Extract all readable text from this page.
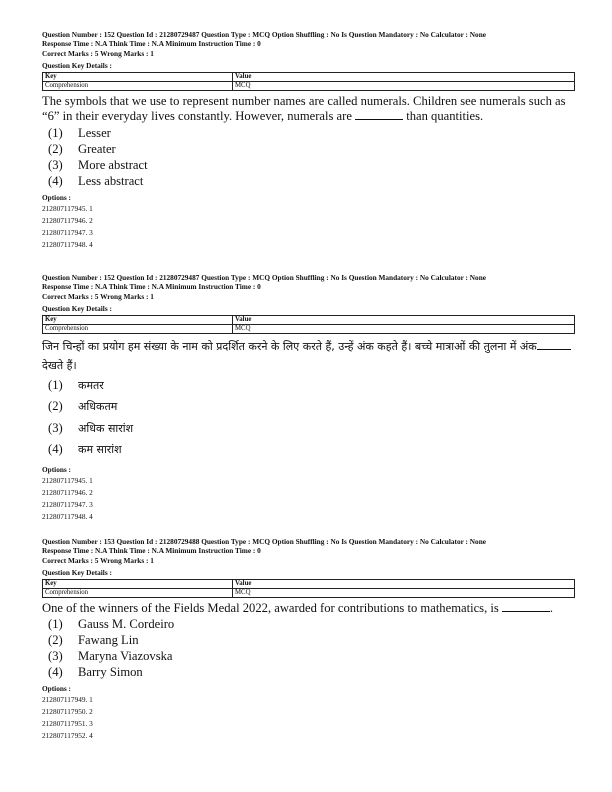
Question Number : 152 Question Id : 21280729487 Question Type : MCQ Option Shuffling : No Is Question Mandatory : No Calculator : None
Response Time : N.A Think Time : N.A Minimum Instruction Time : 0
Correct Marks : 5 Wrong Marks : 1
Question Key Details :
Key	Value
Comprehension	MCQ
The symbols that we use to represent number names are called numerals. Children see numerals such as “6” in their everyday lives constantly. However, numerals are	than quantities.
(1) Lesser
(2) Greater
(3) More abstract
(4) Less abstract
Options :
212807117945. 1
212807117946. 2
212807117947. 3
212807117948. 4
Question Number : 152 Question Id : 21280729487 Question Type : MCQ Option Shuffling : No Is Question Mandatory : No Calculator : None
Response Time : N.A Think Time : N.A Minimum Instruction Time : 0
Correct Marks : 5 Wrong Marks : 1
Question Key Details :
Key	Value
Comprehension	MCQ
जिन चिन्हों का प्रयोग हम संख्या के नाम को प्रदर्शित करने के लिए करते हैं, उन्हें अंक कहते हैं। बच्चे मात्राओं की तुलना में अंकदेखते हैं।
(1) कमतर
(2) अधिकतम
(3) अधिक सारांश
(4) कम सारांश
Options :
212807117945. 1
212807117946. 2
212807117947. 3
212807117948. 4
Question Number : 153 Question Id : 21280729488 Question Type : MCQ Option Shuffling : No Is Question Mandatory : No Calculator : None
Response Time : N.A Think Time : N.A Minimum Instruction Time : 0
Correct Marks : 5 Wrong Marks : 1
Question Key Details :
Key	Value
Comprehension	MCQ
One of the winners of the Fields Medal 2022, awarded for contributions to mathematics, is	.
(1) Gauss M. Cordeiro
(2) Fawang Lin
(3) Maryna Viazovska
(4) Barry Simon
Options :
212807117949. 1
212807117950. 2
212807117951. 3
212807117952. 4
